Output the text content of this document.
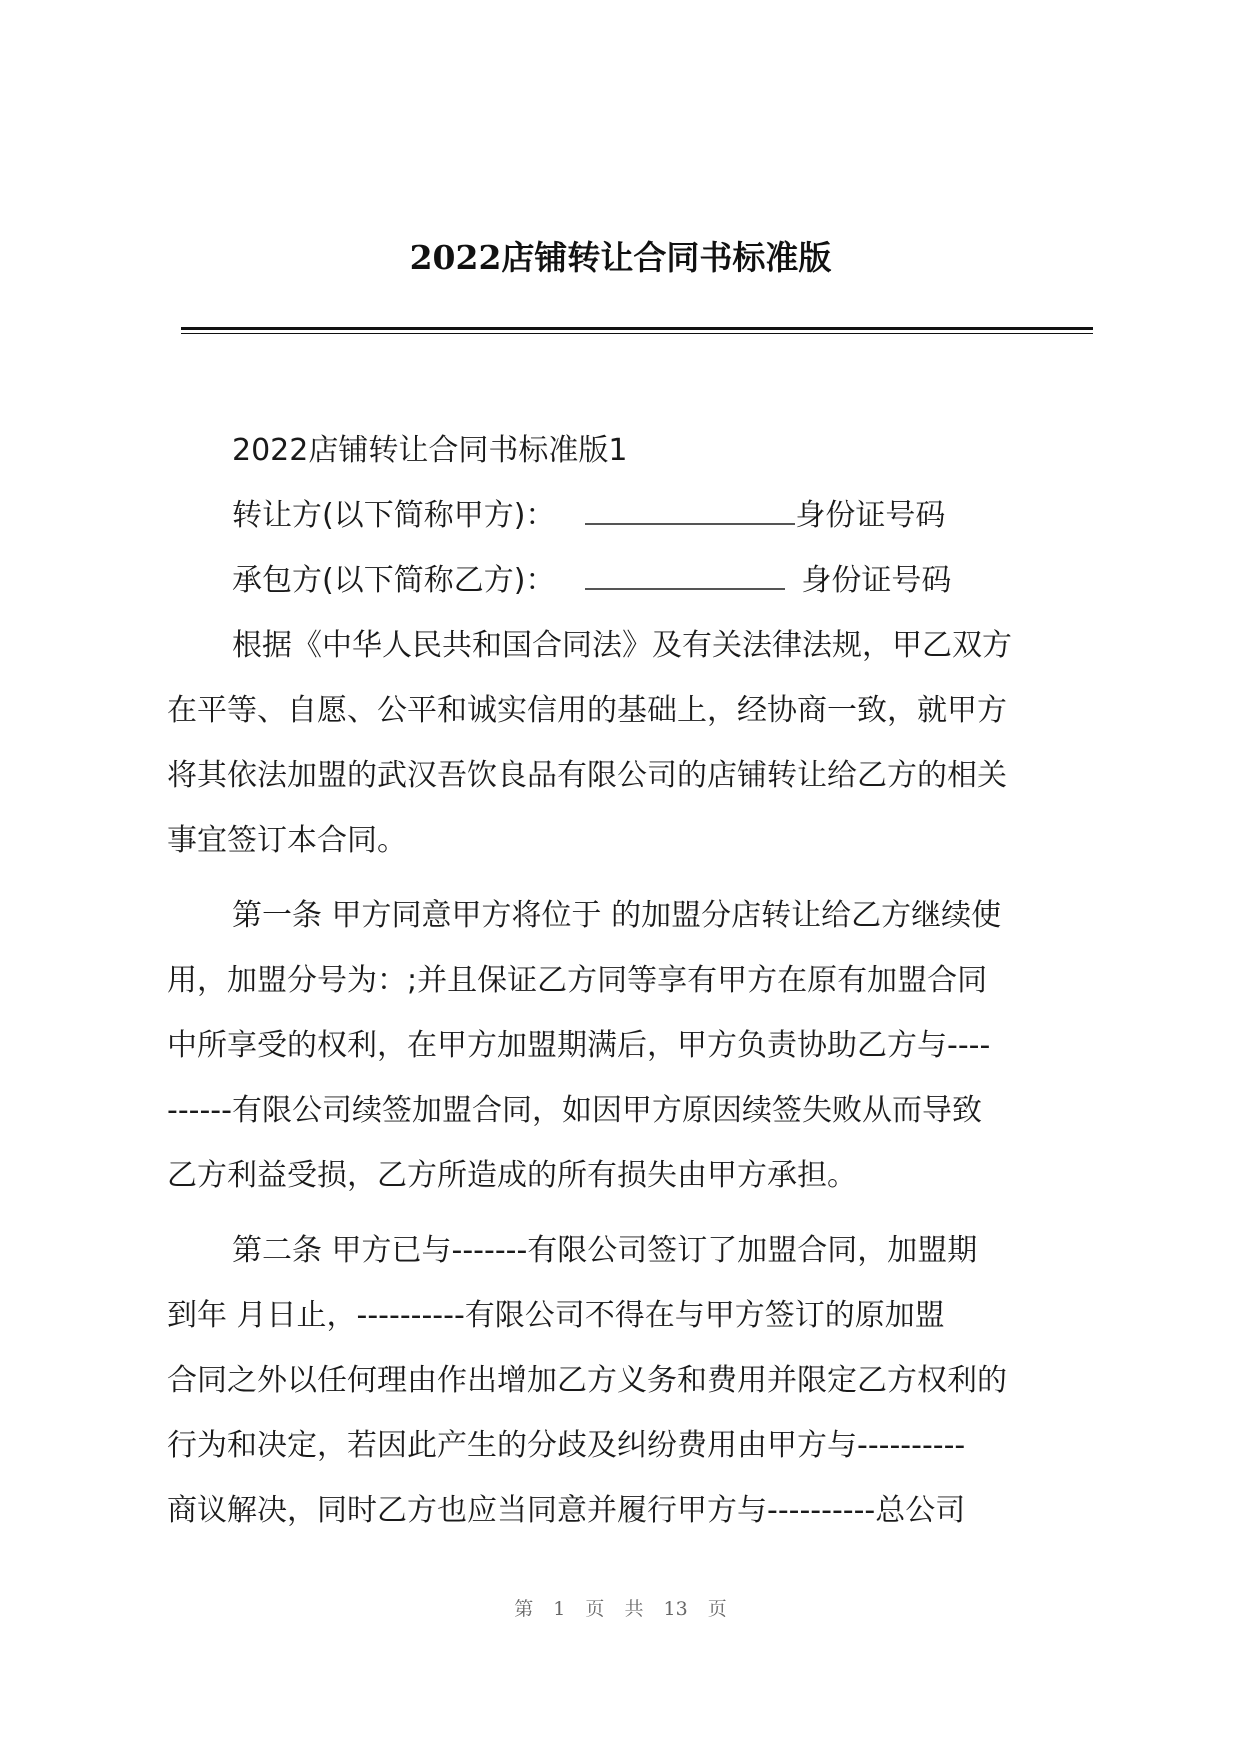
2022店铺转让合同书标准版
2022店铺转让合同书标准版1
转让方(以下简称甲方)：	身份证号码
承包方(以下简称乙方)：	身份证号码
根据《中华人民共和国合同法》及有关法律法规，甲乙双方
在平等、自愿、公平和诚实信用的基础上，经协商一致，就甲方
将其依法加盟的武汉吾饮良品有限公司的店铺转让给乙方的相关
事宜签订本合同。
第一条 甲方同意甲方将位于 的加盟分店转让给乙方继续使
用，加盟分号为：;并且保证乙方同等享有甲方在原有加盟合同
中所享受的权利，在甲方加盟期满后，甲方负责协助乙方与----
------有限公司续签加盟合同，如因甲方原因续签失败从而导致
乙方利益受损，乙方所造成的所有损失由甲方承担。
第二条 甲方已与-------有限公司签订了加盟合同，加盟期
到年 月日止，----------有限公司不得在与甲方签订的原加盟
合同之外以任何理由作出增加乙方义务和费用并限定乙方权利的
行为和决定，若因此产生的分歧及纠纷费用由甲方与----------
商议解决，同时乙方也应当同意并履行甲方与----------总公司
第 1 页 共 13 页
